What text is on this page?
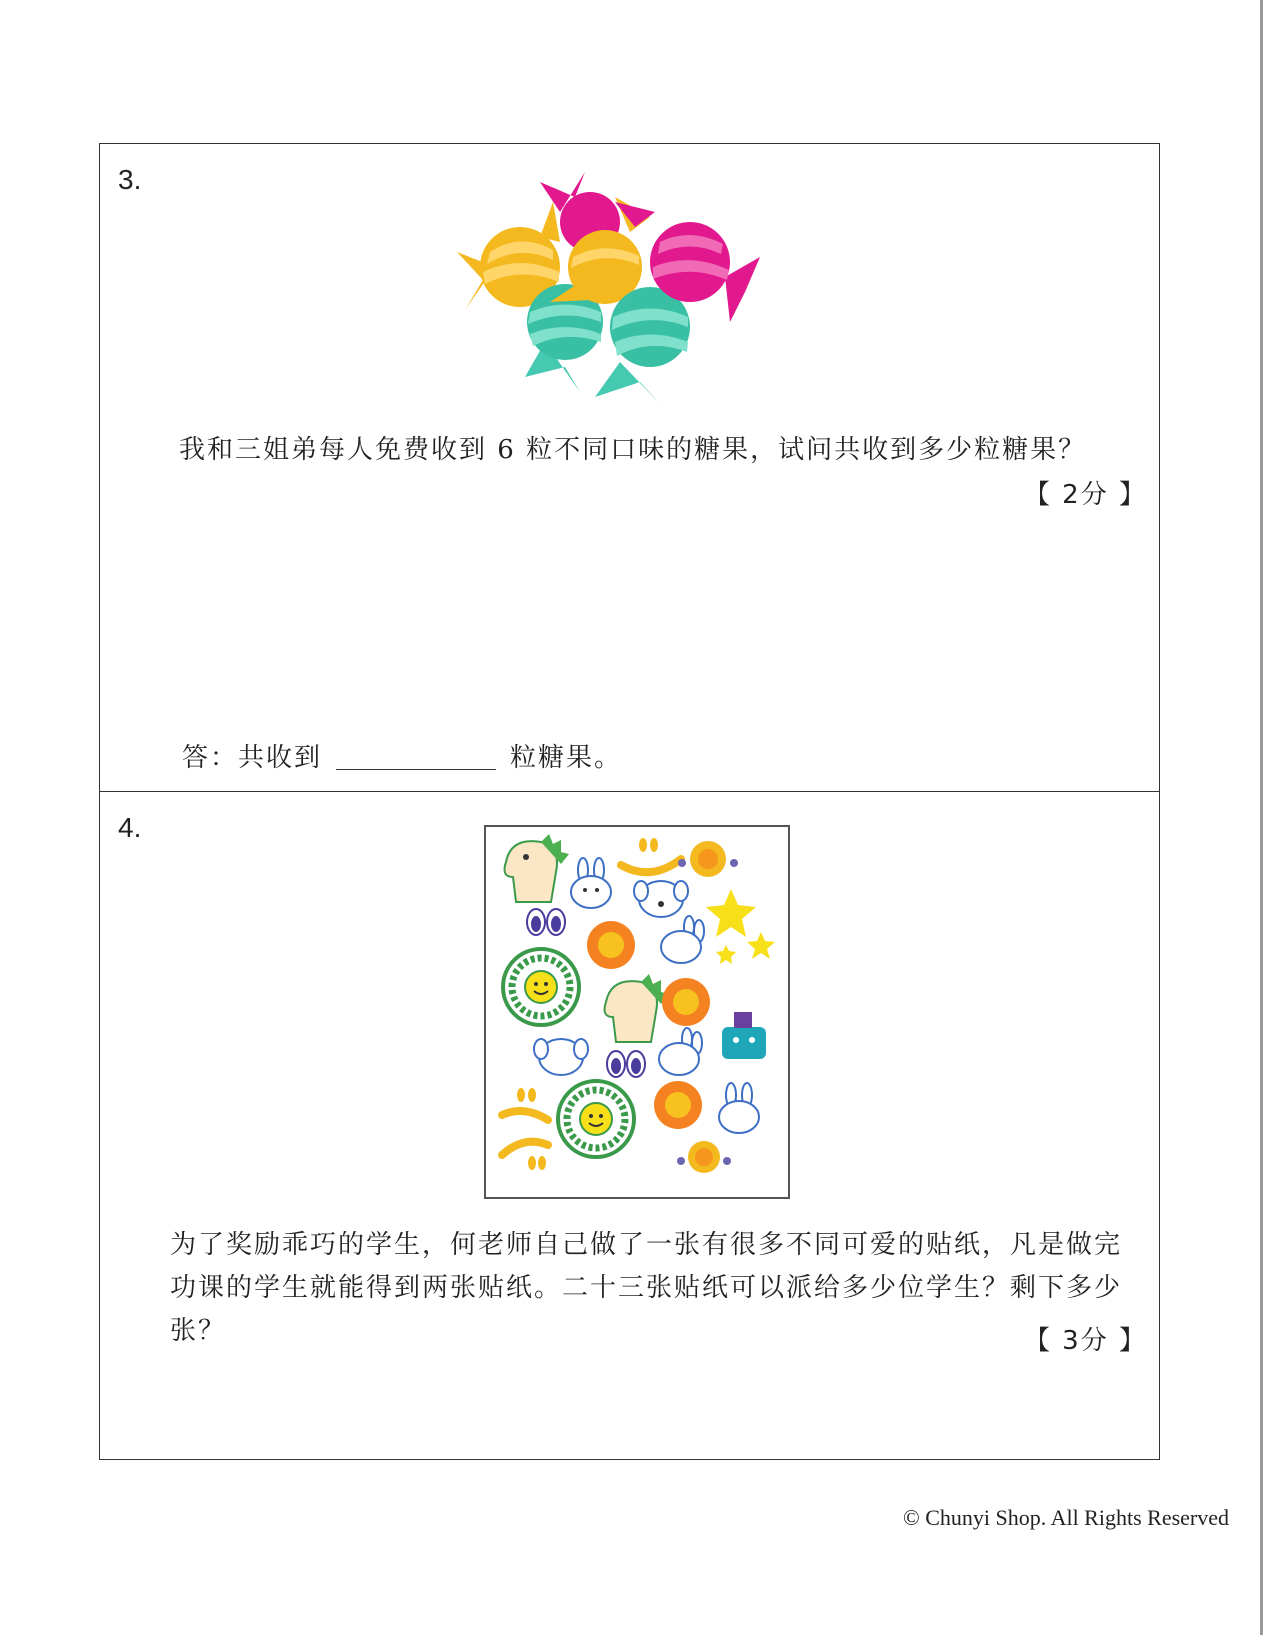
3.
我和三姐弟每人免费收到 6 粒不同口味的糖果，试问共收到多少粒糖果？
【 2分 】
答：共收到	粒糖果。
4.
为了奖励乖巧的学生，何老师自己做了一张有很多不同可爱的贴纸，凡是做完功课的学生就能得到两张贴纸。二十三张贴纸可以派给多少位学生？剩下多少张？	【 3分 】
© Chunyi Shop. All Rights Reserved
